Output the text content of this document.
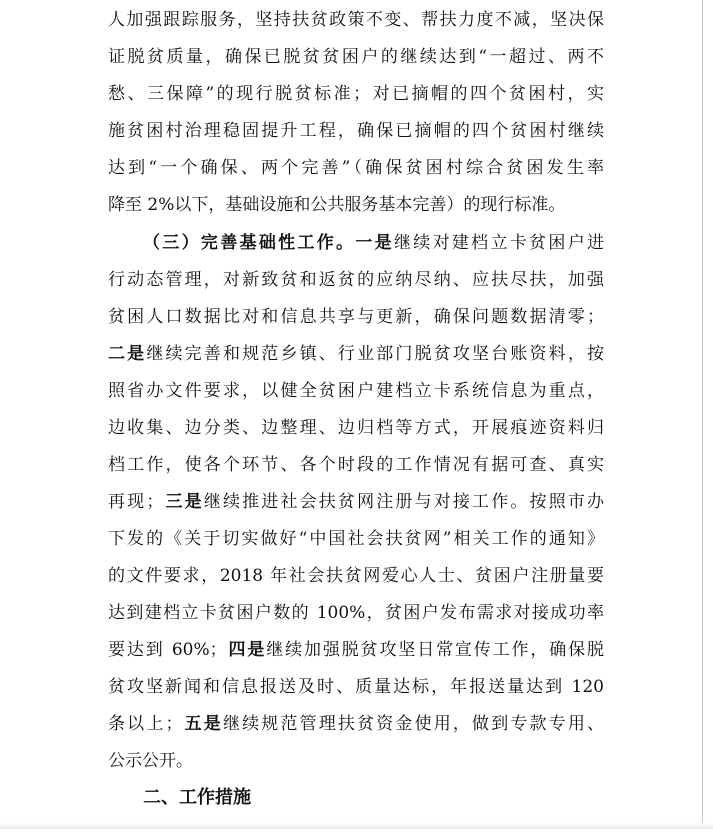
人加强跟踪服务，坚持扶贫政策不变、帮扶力度不减，坚决保
证脱贫质量，确保已脱贫贫困户的继续达到“一超过、两不
愁、三保障”的现行脱贫标准；对已摘帽的四个贫困村，实
施贫困村治理稳固提升工程，确保已摘帽的四个贫困村继续
达到“一个确保、两个完善”（确保贫困村综合贫困发生率
降至 2%以下，基础设施和公共服务基本完善）的现行标准。
（三）完善基础性工作。一是继续对建档立卡贫困户进
行动态管理，对新致贫和返贫的应纳尽纳、应扶尽扶，加强
贫困人口数据比对和信息共享与更新，确保问题数据清零；
二是继续完善和规范乡镇、行业部门脱贫攻坚台账资料，按
照省办文件要求，以健全贫困户建档立卡系统信息为重点，
边收集、边分类、边整理、边归档等方式，开展痕迹资料归
档工作，使各个环节、各个时段的工作情况有据可查、真实
再现；三是继续推进社会扶贫网注册与对接工作。按照市办
下发的《关于切实做好“中国社会扶贫网”相关工作的通知》
的文件要求，2018 年社会扶贫网爱心人士、贫困户注册量要
达到建档立卡贫困户数的 100%，贫困户发布需求对接成功率
要达到 60%；四是继续加强脱贫攻坚日常宣传工作，确保脱
贫攻坚新闻和信息报送及时、质量达标，年报送量达到 120
条以上；五是继续规范管理扶贫资金使用，做到专款专用、
公示公开。
二、工作措施
